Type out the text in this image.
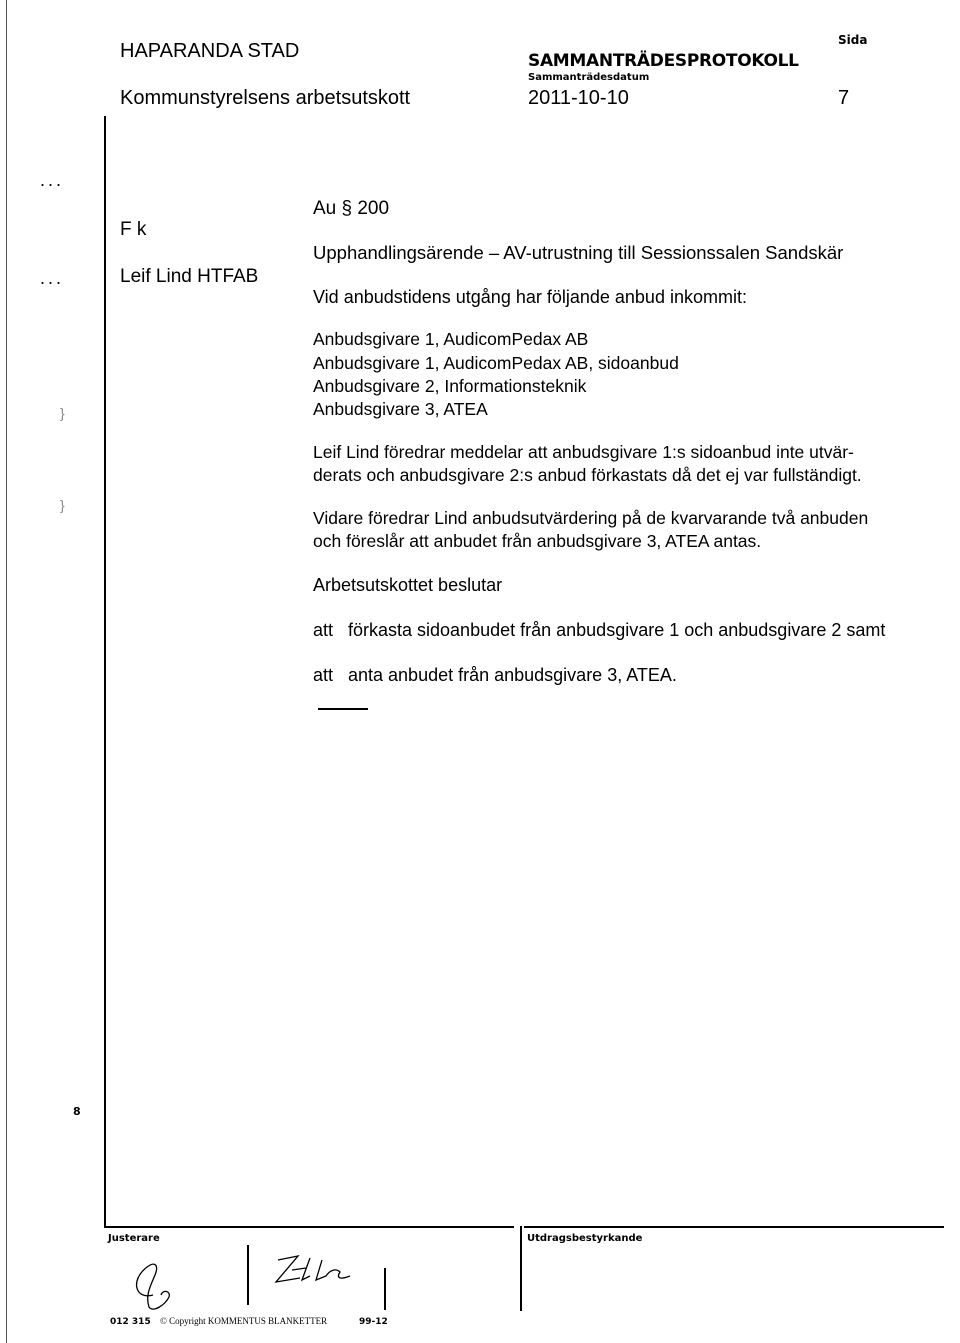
HAPARANDA STAD
Kommunstyrelsens arbetsutskott
SAMMANTRÄDESPROTOKOLL
Sammanträdesdatum
2011-10-10
Sida
7
...
...
}
}
F k
Leif Lind HTFAB
Au § 200
Upphandlingsärende – AV-utrustning till Sessionssalen Sandskär
Vid anbudstidens utgång har följande anbud inkommit:
Anbudsgivare 1, AudicomPedax AB
Anbudsgivare 1, AudicomPedax AB, sidoanbud
Anbudsgivare 2, Informationsteknik
Anbudsgivare 3, ATEA
Leif Lind föredrar meddelar att anbudsgivare 1:s sidoanbud inte utvär-
derats och anbudsgivare 2:s anbud förkastats då det ej var fullständigt.
Vidare föredrar Lind anbudsutvärdering på de kvarvarande två anbuden
och föreslår att anbudet från anbudsgivare 3, ATEA antas.
Arbetsutskottet beslutar
att förkasta sidoanbudet från anbudsgivare 1 och anbudsgivare 2 samt
att anta anbudet från anbudsgivare 3, ATEA.
8
Justerare	Utdragsbestyrkande
012 315 © Copyright KOMMENTUS BLANKETTER	99-12
